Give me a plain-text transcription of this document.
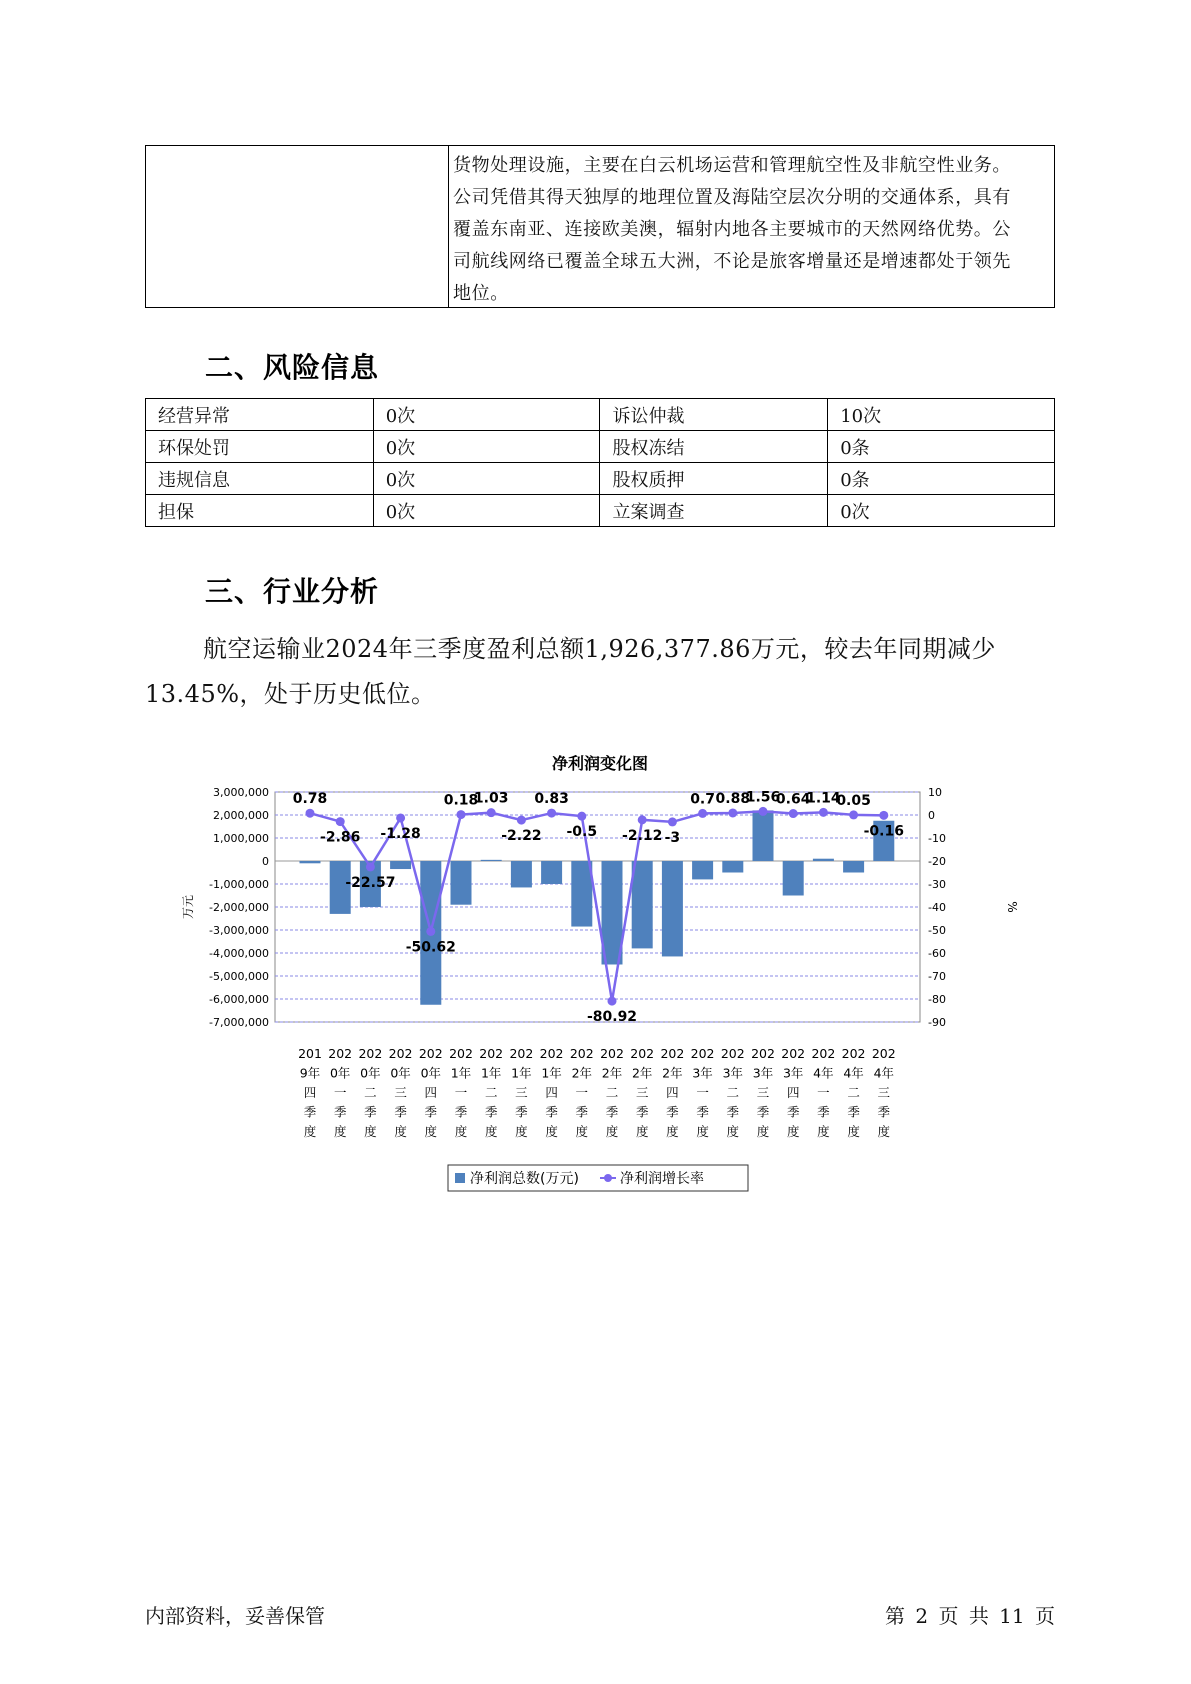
货物处理设施，主要在白云机场运营和管理航空性及非航空性业务。
公司凭借其得天独厚的地理位置及海陆空层次分明的交通体系，具有
覆盖东南亚、连接欧美澳，辐射内地各主要城市的天然网络优势。公
司航线网络已覆盖全球五大洲，不论是旅客增量还是增速都处于领先
地位。
二、风险信息
经营异常	0次	诉讼仲裁	10次
环保处罚	0次	股权冻结	0条
违规信息	0次	股权质押	0条
担保	0次	立案调查	0次
三、行业分析

航空运输业2024年三季度盈利总额1,926,377.86万元，较去年同期减少13.45%，处于历史低位。

净利润变化图
3,000,000
2,000,000
1,000,000
0
-1,000,000
-2,000,000
-3,000,000
-4,000,000
-5,000,000
-6,000,000
-7,000,000
10
0
-10
-20
-30
-40
-50
-60
-70
-80
-90
万元	%
0.78
-2.86
-22.57
-1.28
-50.62
0.18
1.03
-2.22
0.83
-0.5
-80.92
-2.12 -3
0.7 0.88
1.56
0.64
1.14
0.05
-0.16
201
9年
四
季
度
202
0年
一
季
度
202
0年
二
季
度
202
0年
三
季
度
202
0年
四
季
度
202
1年
一
季
度
202
1年
二
季
度
202
1年
三
季
度
202
1年
四
季
度
202
2年
一
季
度
202
2年
二
季
度
202
2年
三
季
度
202
2年
四
季
度
202
3年
一
季
度
202
3年
二
季
度
202
3年
三
季
度
202
3年
四
季
度
202
4年
一
季
度
202
4年
二
季
度
202
4年
三
季
度
净利润总数(万元)	净利润增长率
内部资料，妥善保管	第 2 页 共 11 页
